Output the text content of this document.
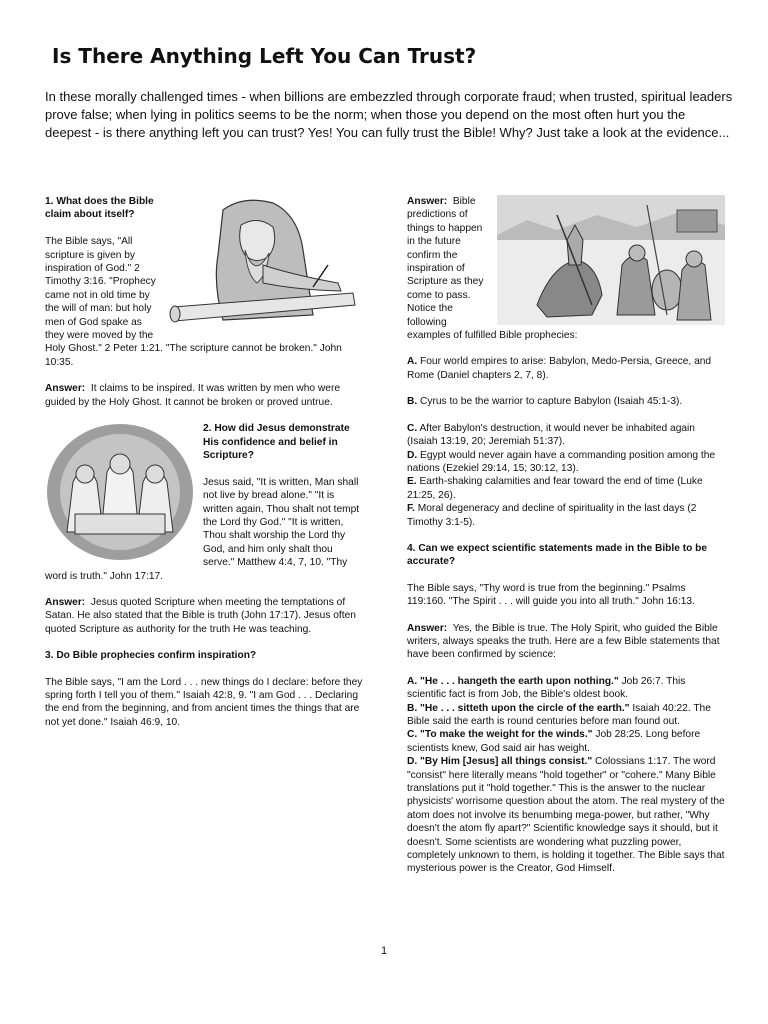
Is There Anything Left You Can Trust?

In these morally challenged times - when billions are embezzled through corporate fraud; when trusted, spiritual leaders prove false; when lying in politics seems to be the norm; when those you depend on the most often hurt you the deepest - is there anything left you can trust? Yes! You can fully trust the Bible! Why? Just take a look at the evidence...

1. What does the Bible claim about itself?

The Bible says, "All scripture is given by inspiration of God." 2 Timothy 3:16. "Prophecy came not in old time by the will of man: but holy men of God spake as they were moved by the Holy Ghost." 2 Peter 1:21. "The scripture cannot be broken." John 10:35.

Answer: It claims to be inspired. It was written by men who were guided by the Holy Ghost. It cannot be broken or proved untrue.

2. How did Jesus demonstrate His confidence and belief in Scripture?

Jesus said, "It is written, Man shall not live by bread alone." "It is written again, Thou shalt not tempt the Lord thy God." "It is written, Thou shalt worship the Lord thy God, and him only shalt thou serve." Matthew 4:4, 7, 10. "Thy word is truth." John 17:17.

Answer: Jesus quoted Scripture when meeting the temptations of Satan. He also stated that the Bible is truth (John 17:17). Jesus often quoted Scripture as authority for the truth He was teaching.

3. Do Bible prophecies confirm inspiration?

The Bible says, "I am the Lord . . . new things do I declare: before they spring forth I tell you of them." Isaiah 42:8, 9. "I am God . . . Declaring the end from the beginning, and from ancient times the things that are not yet done." Isaiah 46:9, 10.

Answer: Bible predictions of things to happen in the future confirm the inspiration of Scripture as they come to pass. Notice the following examples of fulfilled Bible prophecies:

A. Four world empires to arise: Babylon, Medo-Persia, Greece, and Rome (Daniel chapters 2, 7, 8).

B. Cyrus to be the warrior to capture Babylon (Isaiah 45:1-3).

C. After Babylon's destruction, it would never be inhabited again (Isaiah 13:19, 20; Jeremiah 51:37).

D. Egypt would never again have a commanding position among the nations (Ezekiel 29:14, 15; 30:12, 13).

E. Earth-shaking calamities and fear toward the end of time (Luke 21:25, 26).

F. Moral degeneracy and decline of spirituality in the last days (2 Timothy 3:1-5).

4. Can we expect scientific statements made in the Bible to be accurate?

The Bible says, "Thy word is true from the beginning." Psalms 119:160. "The Spirit . . . will guide you into all truth." John 16:13.

Answer: Yes, the Bible is true. The Holy Spirit, who guided the Bible writers, always speaks the truth. Here are a few Bible statements that have been confirmed by science:

A. "He . . . hangeth the earth upon nothing." Job 26:7. This scientific fact is from Job, the Bible's oldest book.

B. "He . . . sitteth upon the circle of the earth." Isaiah 40:22. The Bible said the earth is round centuries before man found out.

C. "To make the weight for the winds." Job 28:25. Long before scientists knew, God said air has weight.

D. "By Him [Jesus] all things consist." Colossians 1:17. The word "consist" here literally means "hold together" or "cohere." Many Bible translations put it "hold together." This is the answer to the nuclear physicists' worrisome question about the atom. The real mystery of the atom does not involve its benumbing mega-power, but rather, "Why doesn't the atom fly apart?" Scientific knowledge says it should, but it doesn't. Some scientists are wondering what puzzling power, completely unknown to them, is holding it together. The Bible says that mysterious power is the Creator, God Himself.

1
